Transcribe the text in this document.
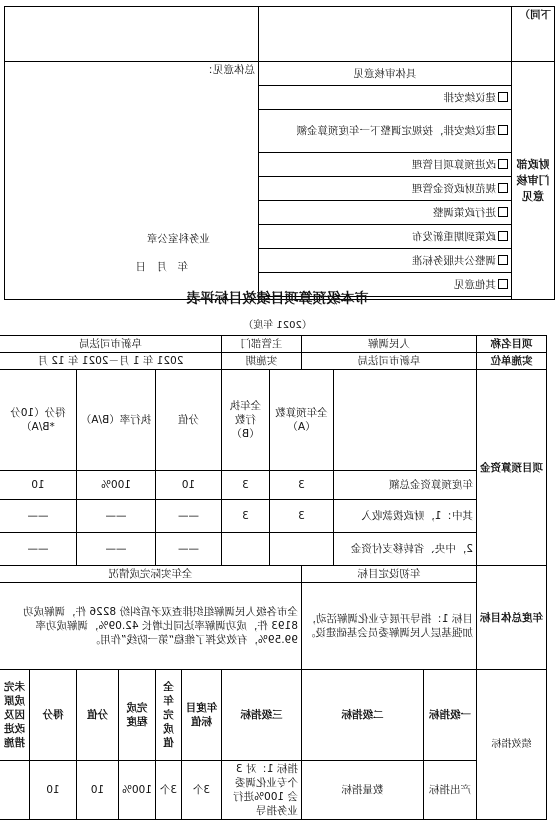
下同）		
财政部门审核意见	具体审核意见	总体意见：
业务科室公章
年　月　日

	建议续安排	
	建议续安排，按规定调整下一年度预算金额	
	改进预算项目管理	
	规范财政资金管理	
	进行政策调整	
	政策到期重新发布	
	调整公共服务标准	
	其他意见	

市本级预算项目绩效目标评表
（2021 年度）
项目名称	人民调解			主管部门		阜新市司法局					
实施单位	阜新市司法局			实施期		2021 年 1 月－2021 年 12 月					
项目预算资金			全年预算数（A）		全年执行数（B）	分值		执行率（B/A）		得分（10分*B/A）	
	年度预算资金总额		3		3	10		100%		10	
	其中：1，财政拨款收入		3		3	——		——		——	
	2，中央、省转移支付资金					——		——		——	
年度总体目标	年初设定目标			全年实际完成情况							
	目标 1：指导开展专业化调解活动，加强基层人民调解委员会基础建设。			全市各级人民调解组织排查双矛盾纠纷 8226 件，调解成功 8193 件，成功调解率达同比增长 42.09%，调解成功率 99.59%，有效发挥了维稳“第一防线”作用。							
绩效指标	一级指标	二级指标		三级指标		年度目标值	全年完成值	完成程度	分值	得分	未完成原因及改进措施
	产出指标	数量指标		指标 1：对 3 个专业化调委会 100%进行业务指导		3个	3个	100%	10	10	
